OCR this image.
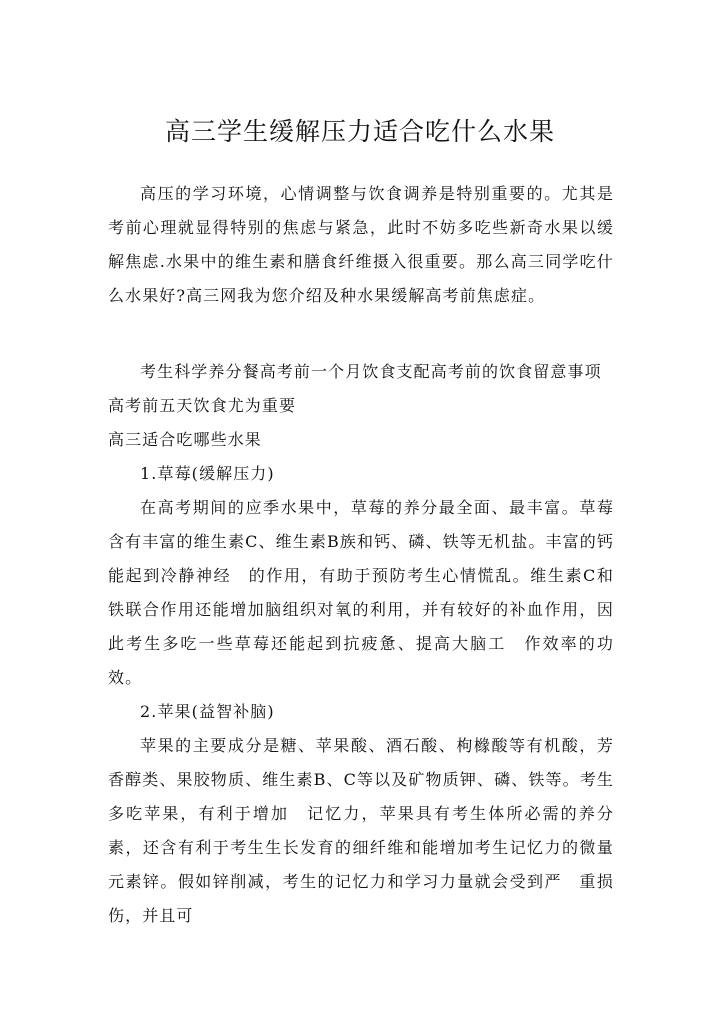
高三学生缓解压力适合吃什么水果

高压的学习环境，心情调整与饮食调养是特别重要的。尤其是考前心理就显得特别的焦虑与紧急，此时不妨多吃些新奇水果以缓解焦虑.水果中的维生素和膳食纤维摄入很重要。那么高三同学吃什么水果好?高三网我为您介绍及种水果缓解高考前焦虑症。

考生科学养分餐高考前一个月饮食支配高考前的饮食留意事项

高考前五天饮食尤为重要

高三适合吃哪些水果

1.草莓(缓解压力)

在高考期间的应季水果中，草莓的养分最全面、最丰富。草莓含有丰富的维生素C、维生素B族和钙、磷、铁等无机盐。丰富的钙能起到冷静神经　的作用，有助于预防考生心情慌乱。维生素C和铁联合作用还能增加脑组织对氧的利用，并有较好的补血作用，因此考生多吃一些草莓还能起到抗疲惫、提高大脑工　作效率的功效。

2.苹果(益智补脑)

苹果的主要成分是糖、苹果酸、酒石酸、枸橼酸等有机酸，芳香醇类、果胶物质、维生素B、C等以及矿物质钾、磷、铁等。考生多吃苹果，有利于增加　记忆力，苹果具有考生体所必需的养分素，还含有利于考生生长发育的细纤维和能增加考生记忆力的微量元素锌。假如锌削减，考生的记忆力和学习力量就会受到严　重损伤，并且可
